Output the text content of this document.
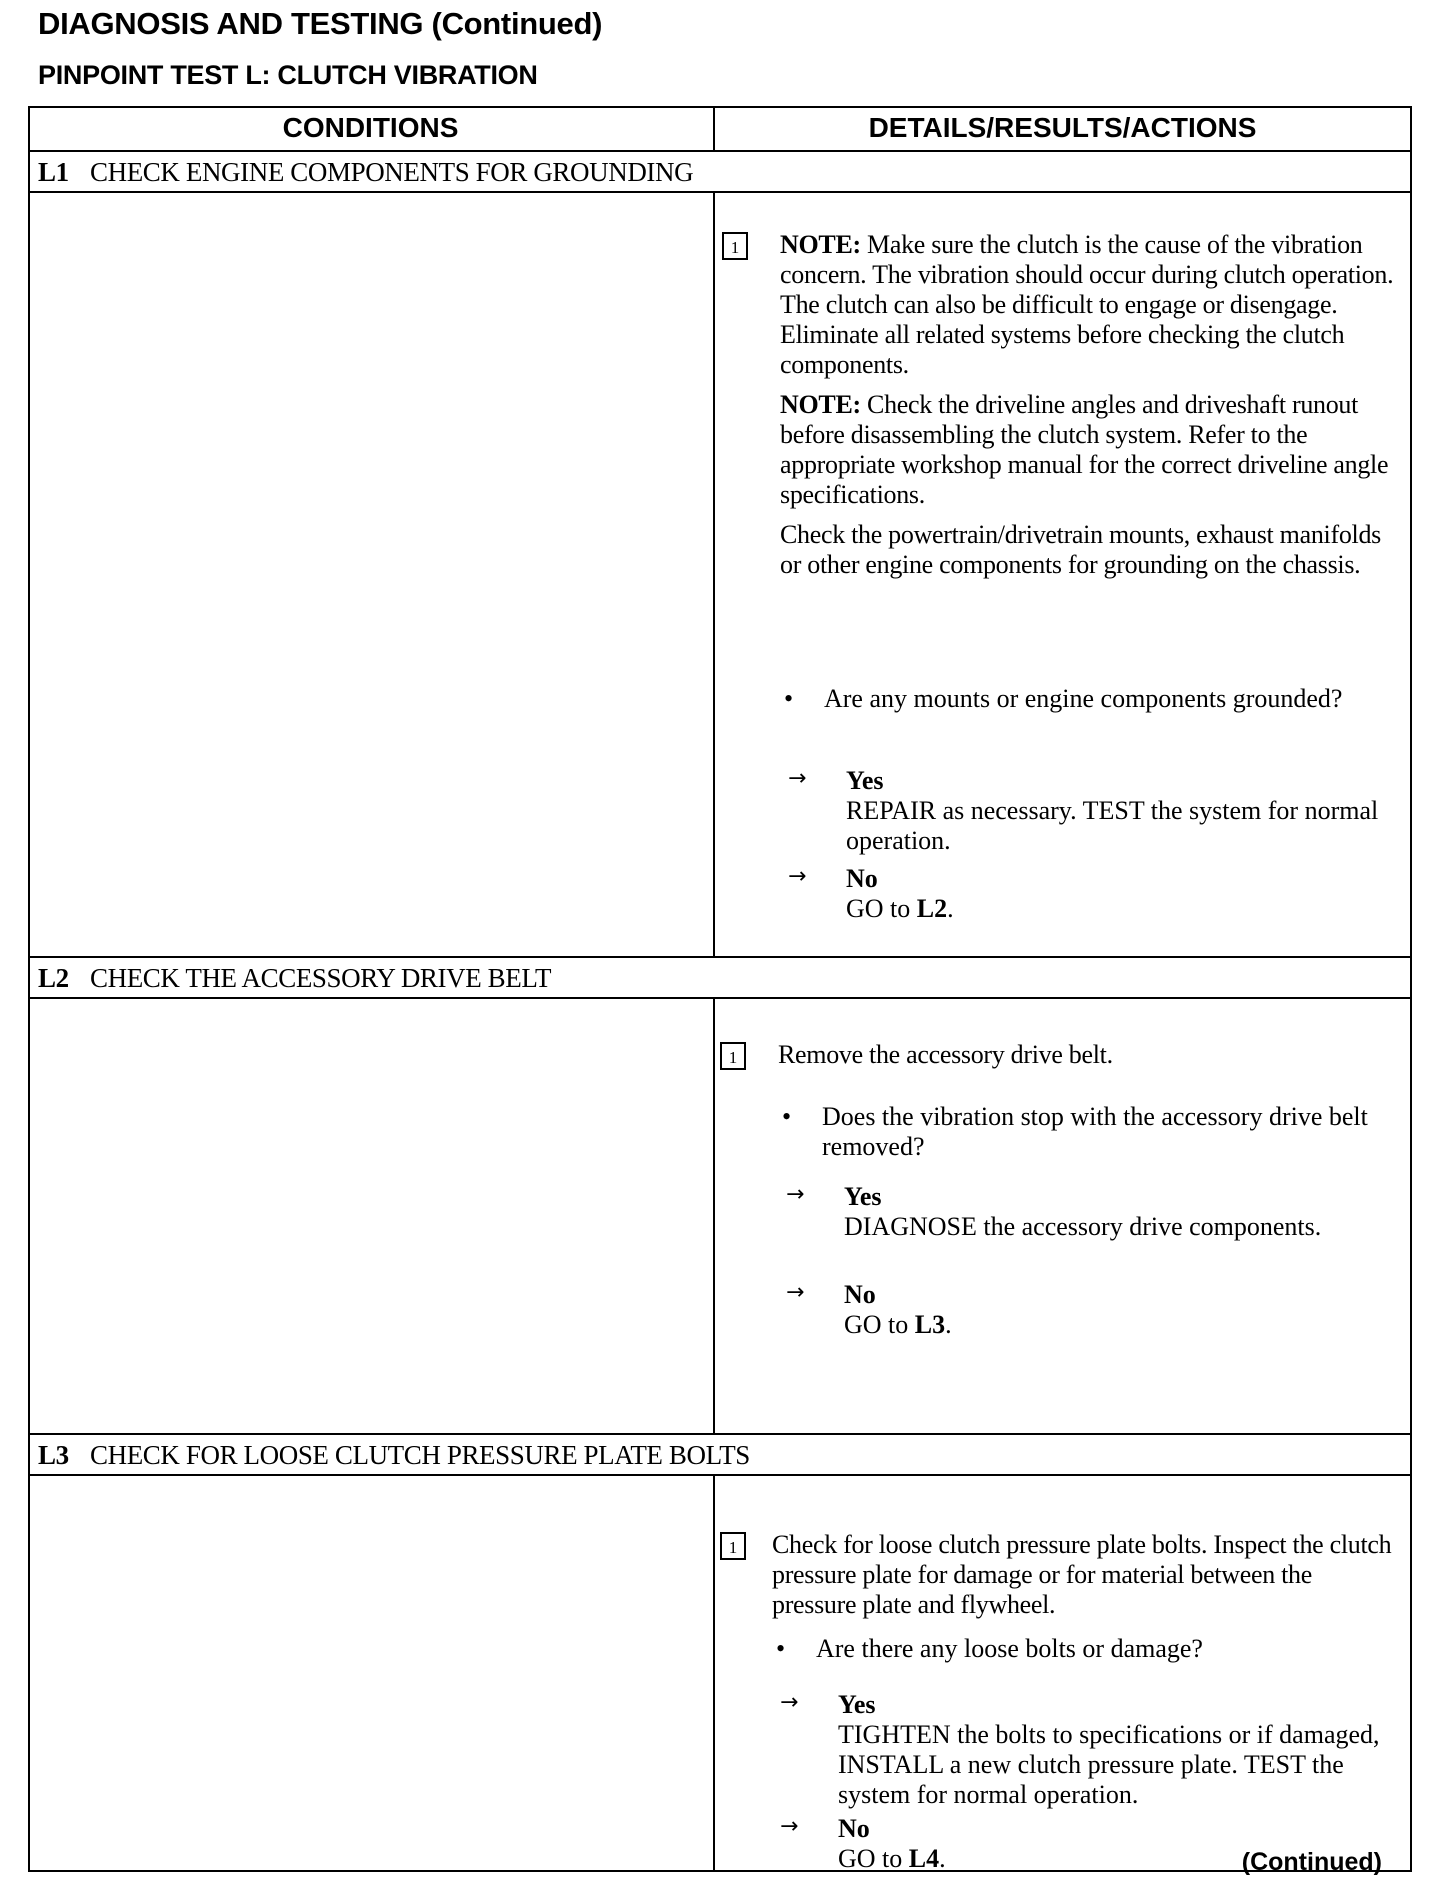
DIAGNOSIS AND TESTING (Continued)
PINPOINT TEST L: CLUTCH VIBRATION
CONDITIONS	DETAILS/RESULTS/ACTIONS
L1 CHECK ENGINE COMPONENTS FOR GROUNDING
1	NOTE: Make sure the clutch is the cause of the vibration concern. The vibration should occur during clutch operation. The clutch can also be difficult to engage or disengage. Eliminate all related systems before checking the clutch components.

NOTE: Check the driveline angles and driveshaft runout before disassembling the clutch system. Refer to the appropriate workshop manual for the correct driveline angle specifications.

Check the powertrain/drivetrain mounts, exhaust manifolds or other engine components for grounding on the chassis.

• Are any mounts or engine components grounded?
→ Yes
REPAIR as necessary. TEST the system for normal operation.
→ No
GO to L2.
L2 CHECK THE ACCESSORY DRIVE BELT
1	Remove the accessory drive belt.

• Does the vibration stop with the accessory drive belt removed?
→ Yes
DIAGNOSE the accessory drive components.
→ No
GO to L3.
L3 CHECK FOR LOOSE CLUTCH PRESSURE PLATE BOLTS
1	Check for loose clutch pressure plate bolts. Inspect the clutch pressure plate for damage or for material between the pressure plate and flywheel.

• Are there any loose bolts or damage?
→ Yes
TIGHTEN the bolts to specifications or if damaged, INSTALL a new clutch pressure plate. TEST the system for normal operation.
→ No
GO to L4.	(Continued)
